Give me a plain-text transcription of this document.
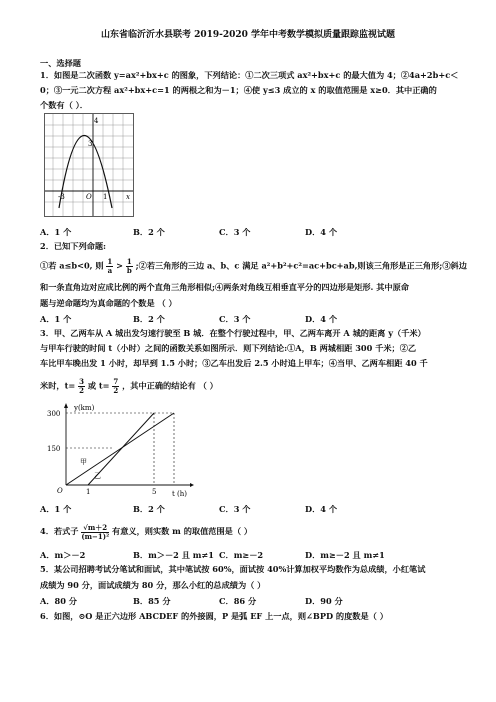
山东省临沂沂水县联考 2019-2020 学年中考数学模拟质量跟踪监视试题
一、选择题
1．如图是二次函数 y=ax²+bx+c 的图象，下列结论：①二次三项式 ax²+bx+c 的最大值为 4；②4a+2b+c＜
0；③一元二次方程 ax²+bx+c=1 的两根之和为－1；④使 y≤3 成立的 x 的取值范围是 x≥0．其中正确的
个数有（ ）．
4
3
-3	O 1	x
A．1 个	B．2 个	C．3 个	D．4 个
2．已知下列命题:
①若 a≤b<0, 则 $\frac{1}{a} > \frac{1}{b}$ ;②若三角形的三边 a、b、c 满足 a²+b²+c²=ac+bc+ab,则该三角形是正三角形;③斜边
和一条直角边对应成比例的两个直角三角形相似;④两条对角线互相垂直平分的四边形是矩形. 其中原命
题与逆命题均为真命题的个数是 （ ）
A．1 个	B．2 个	C．3 个	D．4 个
3．甲、乙两车从 A 城出发匀速行驶至 B 城．在整个行驶过程中，甲、乙两车离开 A 城的距离 y（千米）
与甲车行驶的时间 t（小时）之间的函数关系如图所示．则下列结论:①A，B 两城相距 300 千米；②乙
车比甲车晚出发 1 小时，却早到 1.5 小时；③乙车出发后 2.5 小时追上甲车；④当甲、乙两车相距 40 千
米时，$t= \frac{3}{2}$ 或 $t= \frac{7}{2}$ ，其中正确的结论有 （ ）
y(km)
300
150
O	1	5 t (h)
甲
乙
A．1 个	B．2 个	C．3 个	D．4 个
4．若式子 $\frac{√m+2}{\text{(m−1)²}}$ 有意义，则实数 m 的取值范围是（ ）
A．m＞－2	B．m＞－2 且 m≠1 C．m≥－2	D．m≥－2 且 m≠1
5．某公司招聘考试分笔试和面试，其中笔试按 60%，面试按 40%计算加权平均数作为总成绩，小红笔试
成绩为 90 分，面试成绩为 80 分，那么小红的总成绩为（ ）
A．80 分	B．85 分	C．86 分	D．90 分
6．如图，⊙O 是正六边形 ABCDEF 的外接圆，P 是弧 EF 上一点，则∠BPD 的度数是（ ）
